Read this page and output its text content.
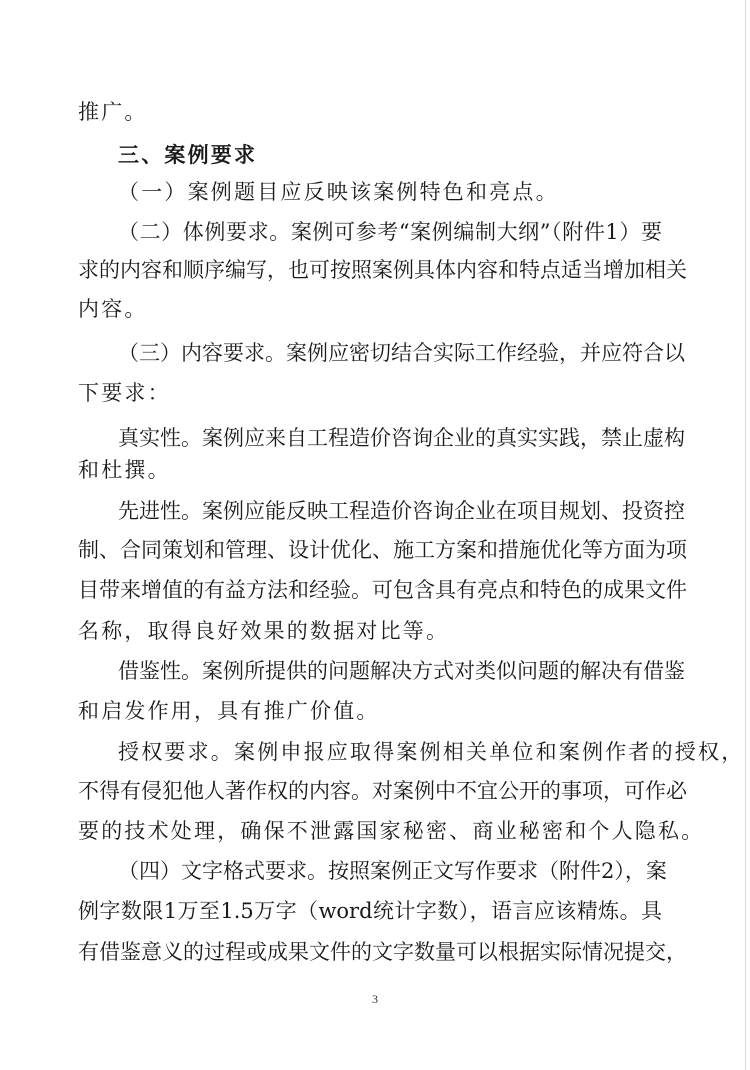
推广。
三、案例要求
（一）案例题目应反映该案例特色和亮点。
（二）体例要求。案例可参考“案例编制大纲”（附件1）要
求的内容和顺序编写，也可按照案例具体内容和特点适当增加相关
内容。
（三）内容要求。案例应密切结合实际工作经验，并应符合以
下要求：
真实性。案例应来自工程造价咨询企业的真实实践，禁止虚构
和杜撰。
先进性。案例应能反映工程造价咨询企业在项目规划、投资控
制、合同策划和管理、设计优化、施工方案和措施优化等方面为项
目带来增值的有益方法和经验。可包含具有亮点和特色的成果文件
名称，取得良好效果的数据对比等。
借鉴性。案例所提供的问题解决方式对类似问题的解决有借鉴
和启发作用，具有推广价值。
授权要求。案例申报应取得案例相关单位和案例作者的授权，
不得有侵犯他人著作权的内容。对案例中不宜公开的事项，可作必
要的技术处理，确保不泄露国家秘密、商业秘密和个人隐私。
（四）文字格式要求。按照案例正文写作要求（附件2），案
例字数限1万至1.5万字（word统计字数），语言应该精炼。具
有借鉴意义的过程或成果文件的文字数量可以根据实际情况提交，
3
